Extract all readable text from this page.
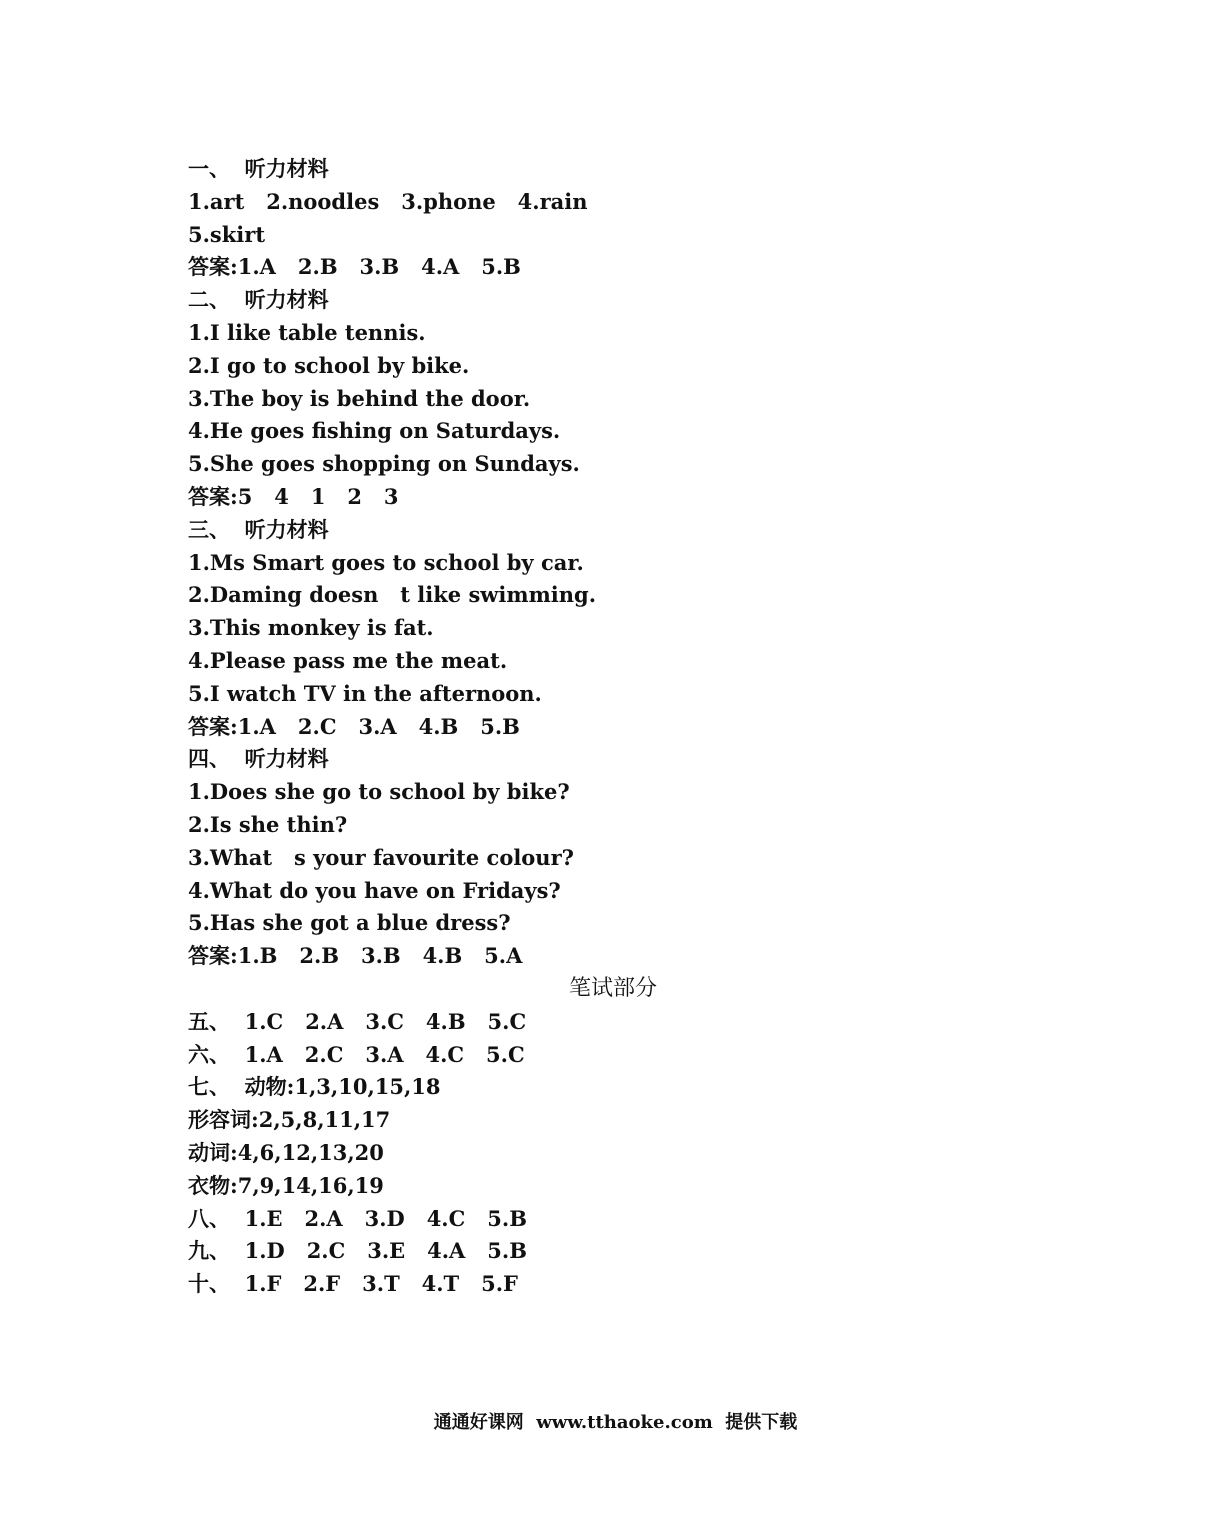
一、  听力材料
1.art   2.noodles   3.phone   4.rain
5.skirt
答案:1.A   2.B   3.B   4.A   5.B
二、  听力材料
1.I like table tennis.
2.I go to school by bike.
3.The boy is behind the door.
4.He goes fishing on Saturdays.
5.She goes shopping on Sundays.
答案:5   4   1   2   3
三、  听力材料
1.Ms Smart goes to school by car.
2.Daming doesn   t like swimming.
3.This monkey is fat.
4.Please pass me the meat.
5.I watch TV in the afternoon.
答案:1.A   2.C   3.A   4.B   5.B
四、  听力材料
1.Does she go to school by bike?
2.Is she thin?
3.What   s your favourite colour?
4.What do you have on Fridays?
5.Has she got a blue dress?
答案:1.B   2.B   3.B   4.B   5.A
笔试部分
五、  1.C   2.A   3.C   4.B   5.C
六、  1.A   2.C   3.A   4.C   5.C
七、  动物:1,3,10,15,18
形容词:2,5,8,11,17
动词:4,6,12,13,20
衣物:7,9,14,16,19
八、  1.E   2.A   3.D   4.C   5.B
九、  1.D   2.C   3.E   4.A   5.B
十、  1.F   2.F   3.T   4.T   5.F
通通好课网  www.tthaoke.com  提供下载
